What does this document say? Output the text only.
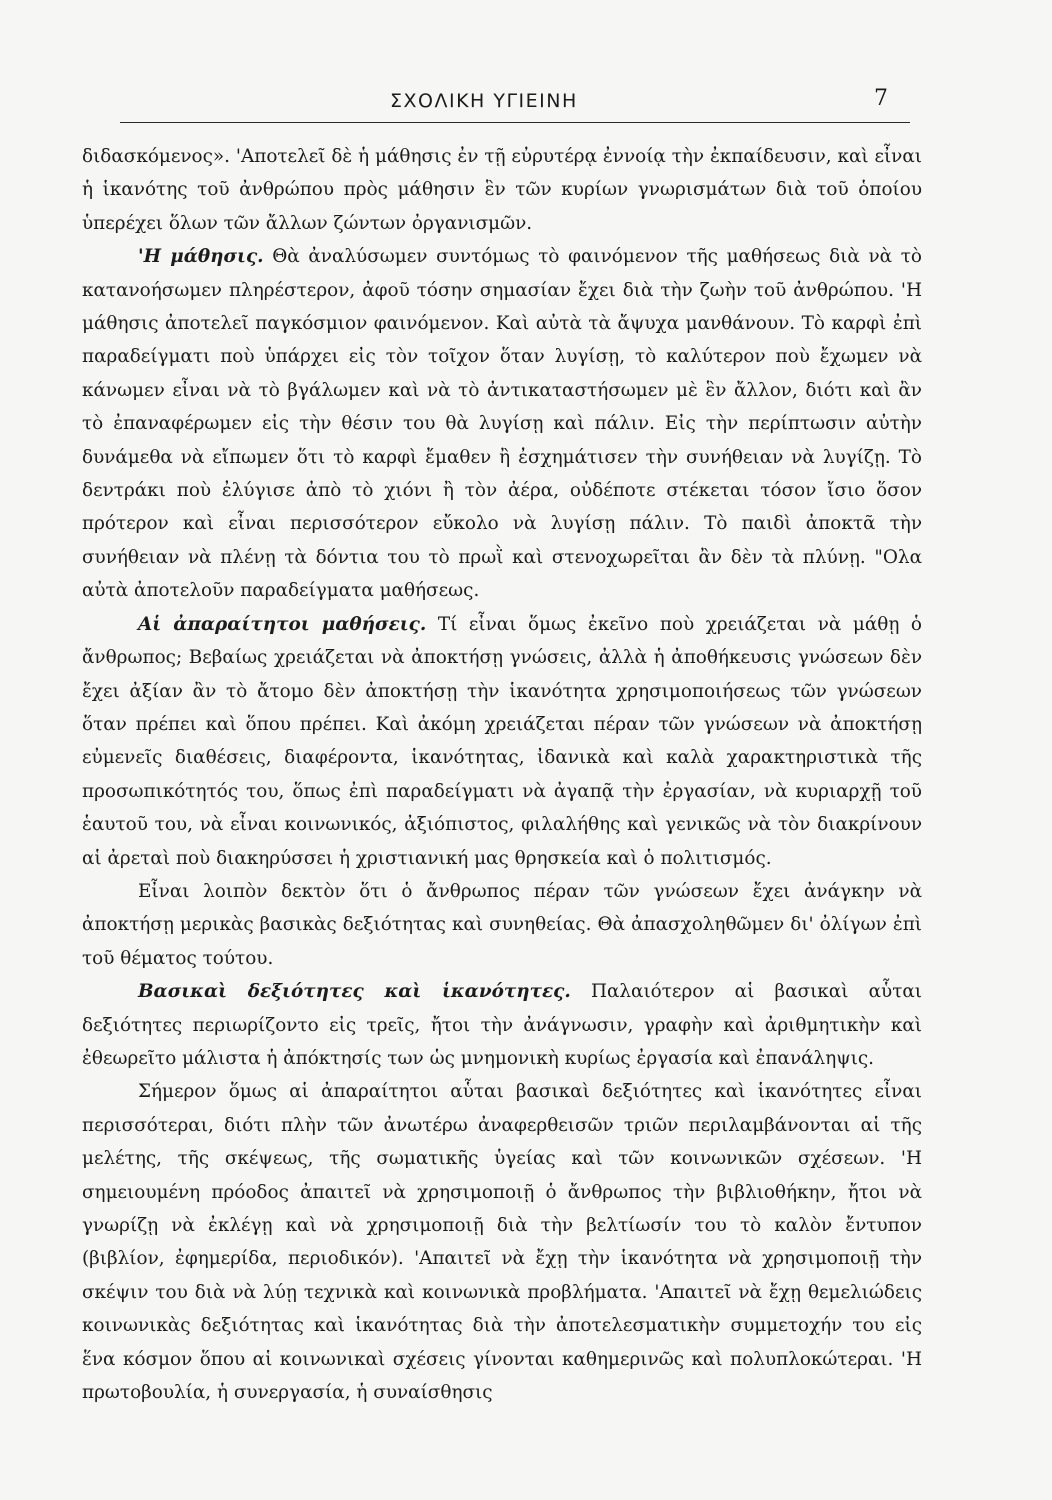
ΣΧΟΛΙΚΗ ΥΓΙΕΙΝΗ	7

διδασκόμενος». 'Αποτελεῖ δὲ ἡ μάθησις ἐν τῇ εὐρυτέρᾳ ἐννοίᾳ τὴν ἐκπαίδευσιν, καὶ εἶναι ἡ ἱκανότης τοῦ ἀνθρώπου πρὸς μάθησιν ἓν τῶν κυρίων γνωρισμάτων διὰ τοῦ ὁποίου ὑπερέχει ὅλων τῶν ἄλλων ζώντων ὀργανισμῶν.

'Η μάθησις. Θὰ ἀναλύσωμεν συντόμως τὸ φαινόμενον τῆς μαθήσεως διὰ νὰ τὸ κατανοήσωμεν πληρέστερον, ἀφοῦ τόσην σημασίαν ἔχει διὰ τὴν ζωὴν τοῦ ἀνθρώπου. 'Η μάθησις ἀποτελεῖ παγκόσμιον φαινόμενον. Καὶ αὐτὰ τὰ ἄψυχα μανθάνουν. Τὸ καρφὶ ἐπὶ παραδείγματι ποὺ ὑπάρχει εἰς τὸν τοῖχον ὅταν λυγίσῃ, τὸ καλύτερον ποὺ ἔχωμεν νὰ κάνωμεν εἶναι νὰ τὸ βγάλωμεν καὶ νὰ τὸ ἀντικαταστήσωμεν μὲ ἓν ἄλλον, διότι καὶ ἂν τὸ ἐπαναφέρωμεν εἰς τὴν θέσιν του θὰ λυγίσῃ καὶ πάλιν. Εἰς τὴν περίπτωσιν αὐτὴν δυνάμεθα νὰ εἴπωμεν ὅτι τὸ καρφὶ ἔμαθεν ἢ ἐσχημάτισεν τὴν συνήθειαν νὰ λυγίζῃ. Τὸ δεντράκι ποὺ ἐλύγισε ἀπὸ τὸ χιόνι ἢ τὸν ἀέρα, οὐδέποτε στέκεται τόσον ἴσιο ὅσον πρότερον καὶ εἶναι περισσότερον εὔκολο νὰ λυγίσῃ πάλιν. Τὸ παιδὶ ἀποκτᾶ τὴν συνήθειαν νὰ πλένῃ τὰ δόντια του τὸ πρωῒ καὶ στενοχωρεῖται ἂν δὲν τὰ πλύνῃ. "Ολα αὐτὰ ἀποτελοῦν παραδείγματα μαθήσεως.

Αἱ ἀπαραίτητοι μαθήσεις. Τί εἶναι ὅμως ἐκεῖνο ποὺ χρειάζεται νὰ μάθῃ ὁ ἄνθρωπος; Βεβαίως χρειάζεται νὰ ἀποκτήσῃ γνώσεις, ἀλλὰ ἡ ἀποθήκευσις γνώσεων δὲν ἔχει ἀξίαν ἂν τὸ ἄτομο δὲν ἀποκτήσῃ τὴν ἱκανότητα χρησιμοποιήσεως τῶν γνώσεων ὅταν πρέπει καὶ ὅπου πρέπει. Καὶ ἀκόμη χρειάζεται πέραν τῶν γνώσεων νὰ ἀποκτήσῃ εὐμενεῖς διαθέσεις, διαφέροντα, ἱκανότητας, ἰδανικὰ καὶ καλὰ χαρακτηριστικὰ τῆς προσωπικότητός του, ὅπως ἐπὶ παραδείγματι νὰ ἀγαπᾷ τὴν ἐργασίαν, νὰ κυριαρχῇ τοῦ ἑαυτοῦ του, νὰ εἶναι κοινωνικός, ἀξιόπιστος, φιλαλήθης καὶ γενικῶς νὰ τὸν διακρίνουν αἱ ἀρεταὶ ποὺ διακηρύσσει ἡ χριστιανική μας θρησκεία καὶ ὁ πολιτισμός.

Εἶναι λοιπὸν δεκτὸν ὅτι ὁ ἄνθρωπος πέραν τῶν γνώσεων ἔχει ἀνάγκην νὰ ἀποκτήσῃ μερικὰς βασικὰς δεξιότητας καὶ συνηθείας. Θὰ ἀπασχοληθῶμεν δι' ὀλίγων ἐπὶ τοῦ θέματος τούτου.

Βασικαὶ δεξιότητες καὶ ἱκανότητες. Παλαιότερον αἱ βασικαὶ αὗται δεξιότητες περιωρίζοντο εἰς τρεῖς, ἤτοι τὴν ἀνάγνωσιν, γραφὴν καὶ ἀριθμητικὴν καὶ ἐθεωρεῖτο μάλιστα ἡ ἀπόκτησίς των ὡς μνημονικὴ κυρίως ἐργασία καὶ ἐπανάληψις.

Σήμερον ὅμως αἱ ἀπαραίτητοι αὗται βασικαὶ δεξιότητες καὶ ἱκανότητες εἶναι περισσότεραι, διότι πλὴν τῶν ἀνωτέρω ἀναφερθεισῶν τριῶν περιλαμβάνονται αἱ τῆς μελέτης, τῆς σκέψεως, τῆς σωματικῆς ὑγείας καὶ τῶν κοινωνικῶν σχέσεων. 'Η σημειουμένη πρόοδος ἀπαιτεῖ νὰ χρησιμοποιῇ ὁ ἄνθρωπος τὴν βιβλιοθήκην, ἤτοι νὰ γνωρίζῃ νὰ ἐκλέγῃ καὶ νὰ χρησιμοποιῇ διὰ τὴν βελτίωσίν του τὸ καλὸν ἔντυπον (βιβλίον, ἐφημερίδα, περιοδικόν). 'Απαιτεῖ νὰ ἔχῃ τὴν ἱκανότητα νὰ χρησιμοποιῇ τὴν σκέψιν του διὰ νὰ λύῃ τεχνικὰ καὶ κοινωνικὰ προβλήματα. 'Απαιτεῖ νὰ ἔχῃ θεμελιώδεις κοινωνικὰς δεξιότητας καὶ ἱκανότητας διὰ τὴν ἀποτελεσματικὴν συμμετοχήν του εἰς ἕνα κόσμον ὅπου αἱ κοινωνικαὶ σχέσεις γίνονται καθημερινῶς καὶ πολυπλοκώτεραι. 'Η πρωτοβουλία, ἡ συνεργασία, ἡ συναίσθησις
